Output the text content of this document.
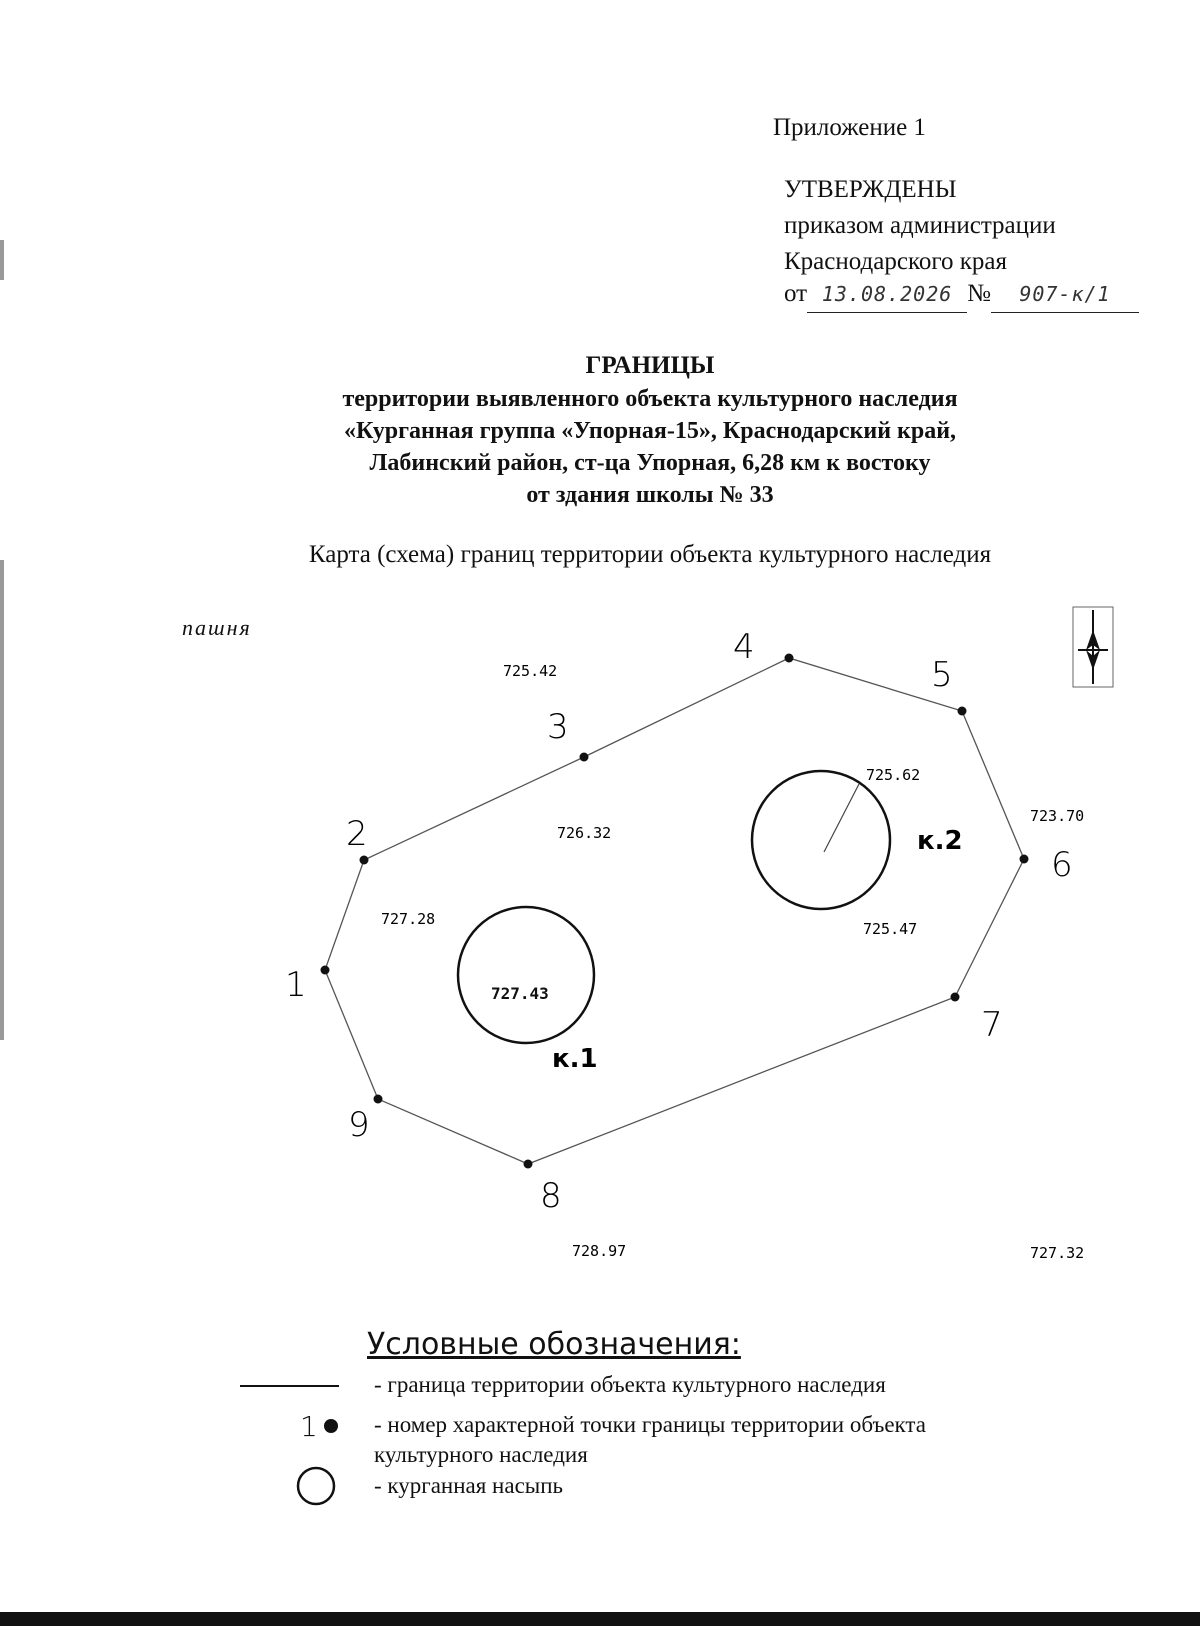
Приложение 1
УТВЕРЖДЕНЫ
приказом администрации
Краснодарского края
от 13.08.2026 № 907-к/1
ГРАНИЦЫ
территории выявленного объекта культурного наследия
«Курганная группа «Упорная-15», Краснодарский край,
Лабинский район, ст-ца Упорная, 6,28 км к востоку
от здания школы № 33
Карта (схема) границ территории объекта культурного наследия
пашня
1
2
3
4
5
6
7
8
9
725.42
726.32
725.62
723.70
727.28
727.43
725.47
728.97	727.32
к.1
к.2
Условные обозначения:
- граница территории объекта культурного наследия
1 - номер характерной точки границы территории объекта
культурного наследия
- курганная насыпь
